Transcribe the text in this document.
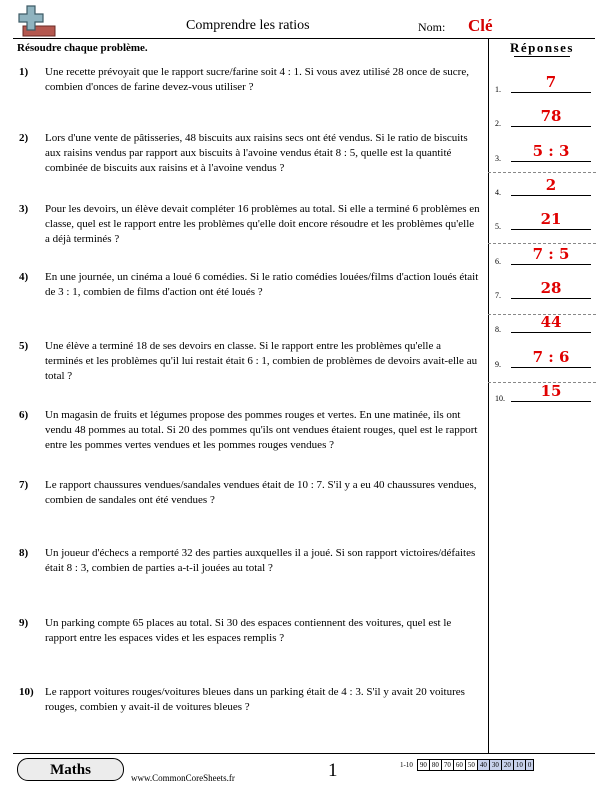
Comprendre les ratios	Nom: Clé
Résoudre chaque problème.
1)	Une recette prévoyait que le rapport sucre/farine soit 4 : 1. Si vous avez utilisé 28 once de sucre, combien d'onces de farine devez-vous utiliser ?
2)	Lors d'une vente de pâtisseries, 48 biscuits aux raisins secs ont été vendus. Si le ratio de biscuits aux raisins vendus par rapport aux biscuits à l'avoine vendus était 8 : 5, quelle est la quantité combinée de biscuits aux raisins et à l'avoine vendus ?
3)	Pour les devoirs, un élève devait compléter 16 problèmes au total. Si elle a terminé 6 problèmes en classe, quel est le rapport entre les problèmes qu'elle doit encore résoudre et les problèmes qu'elle a déjà terminés ?
4)	En une journée, un cinéma a loué 6 comédies. Si le ratio comédies louées/films d'action loués était de 3 : 1, combien de films d'action ont été loués ?
5)	Une élève a terminé 18 de ses devoirs en classe. Si le rapport entre les problèmes qu'elle a terminés et les problèmes qu'il lui restait était 6 : 1, combien de problèmes de devoirs avait-elle au total ?
6)	Un magasin de fruits et légumes propose des pommes rouges et vertes. En une matinée, ils ont vendu 48 pommes au total. Si 20 des pommes qu'ils ont vendues étaient rouges, quel est le rapport entre les pommes vertes vendues et les pommes rouges vendues ?
7)	Le rapport chaussures vendues/sandales vendues était de 10 : 7. S'il y a eu 40 chaussures vendues, combien de sandales ont été vendues ?
8)	Un joueur d'échecs a remporté 32 des parties auxquelles il a joué. Si son rapport victoires/défaites était 8 : 3, combien de parties a-t-il jouées au total ?
9)	Un parking compte 65 places au total. Si 30 des espaces contiennent des voitures, quel est le rapport entre les espaces vides et les espaces remplis ?
10)	Le rapport voitures rouges/voitures bleues dans un parking était de 4 : 3. S'il y avait 20 voitures rouges, combien y avait-il de voitures bleues ?
Réponses
1.	7
2.	78
3.	5 : 3
4.	2
5.	21
6.	7 : 5
7.	28
8.	44
9.	7 : 6
10.	15
Maths	www.CommonCoreSheets.fr	1	1-10	90	80	70	60	50	40	30	20	10	0
